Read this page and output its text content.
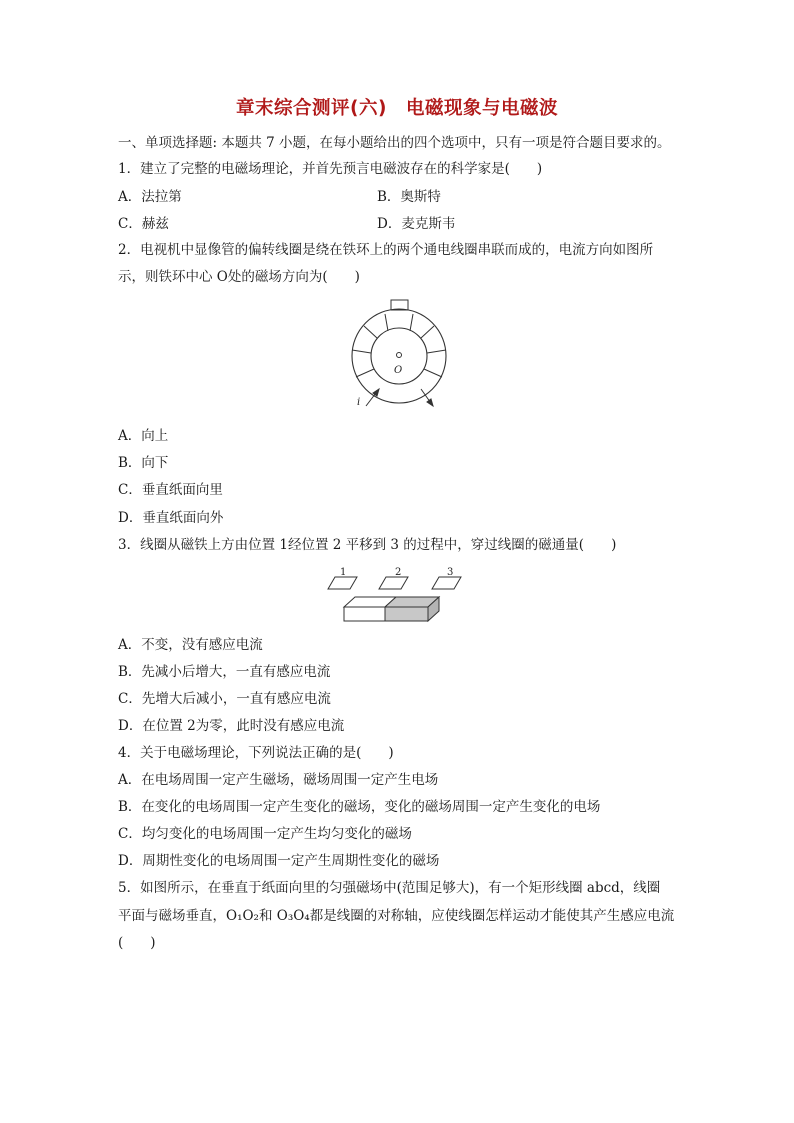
章末综合测评(六)　电磁现象与电磁波
一、单项选择题: 本题共 7 小题，在每小题给出的四个选项中，只有一项是符合题目要求的。
1．建立了完整的电磁场理论，并首先预言电磁波存在的科学家是(　　)
A．法拉第	B．奥斯特
C．赫兹	D．麦克斯韦
2．电视机中显像管的偏转线圈是绕在铁环上的两个通电线圈串联而成的，电流方向如图所
示，则铁环中心 O处的磁场方向为(　　)
O
i
A．向上
B．向下
C．垂直纸面向里
D．垂直纸面向外
3．线圈从磁铁上方由位置 1经位置 2 平移到 3 的过程中，穿过线圈的磁通量(　　)
1	2	3
A．不变，没有感应电流
B．先减小后增大，一直有感应电流
C．先增大后减小，一直有感应电流
D．在位置 2为零，此时没有感应电流
4．关于电磁场理论，下列说法正确的是(　　)
A．在电场周围一定产生磁场，磁场周围一定产生电场
B．在变化的电场周围一定产生变化的磁场，变化的磁场周围一定产生变化的电场
C．均匀变化的电场周围一定产生均匀变化的磁场
D．周期性变化的电场周围一定产生周期性变化的磁场
5．如图所示，在垂直于纸面向里的匀强磁场中(范围足够大)，有一个矩形线圈 abcd，线圈
平面与磁场垂直，O₁O₂和 O₃O₄都是线圈的对称轴，应使线圈怎样运动才能使其产生感应电流
(　　)
